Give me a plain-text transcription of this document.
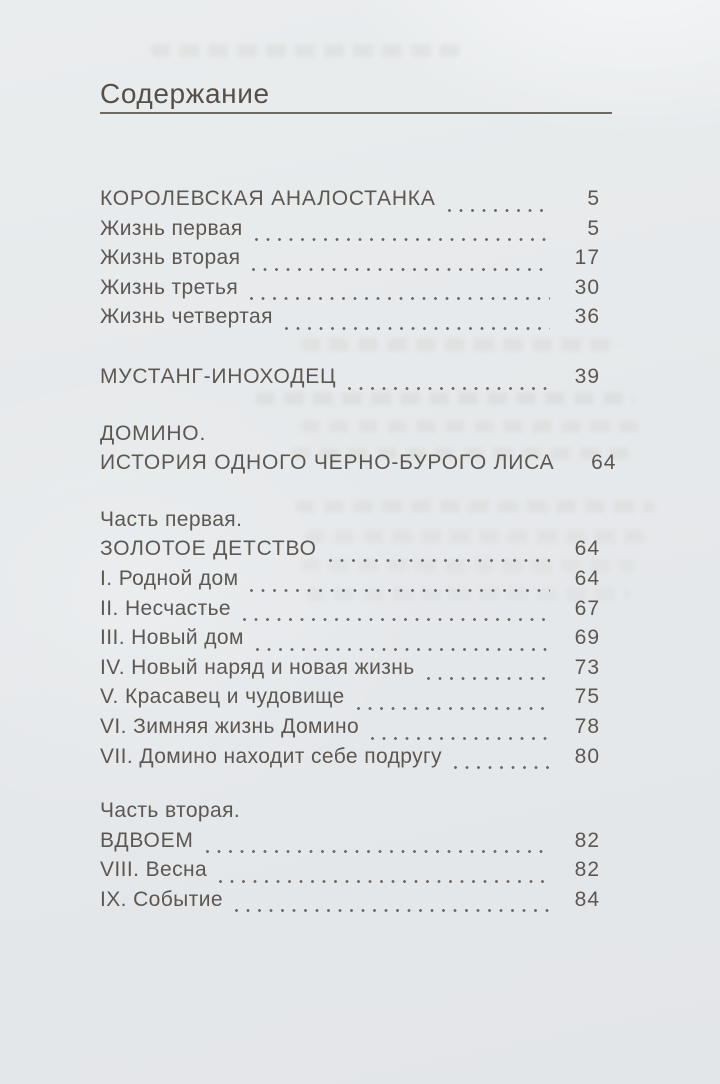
Содержание
КОРОЛЕВСКАЯ АНАЛОСТАНКА	5
Жизнь первая	5
Жизнь вторая	17
Жизнь третья	30
Жизнь четвертая	36
МУСТАНГ-ИНОХОДЕЦ	39
ДОМИНО.
ИСТОРИЯ ОДНОГО ЧЕРНО-БУРОГО ЛИСА	64
Часть первая.
ЗОЛОТОЕ ДЕТСТВО	64
I. Родной дом	64
II. Несчастье	67
III. Новый дом	69
IV. Новый наряд и новая жизнь	73
V. Красавец и чудовище	75
VI. Зимняя жизнь Домино	78
VII. Домино находит себе подругу	80
Часть вторая.
ВДВОЕМ	82
VIII. Весна	82
IX. Событие	84
